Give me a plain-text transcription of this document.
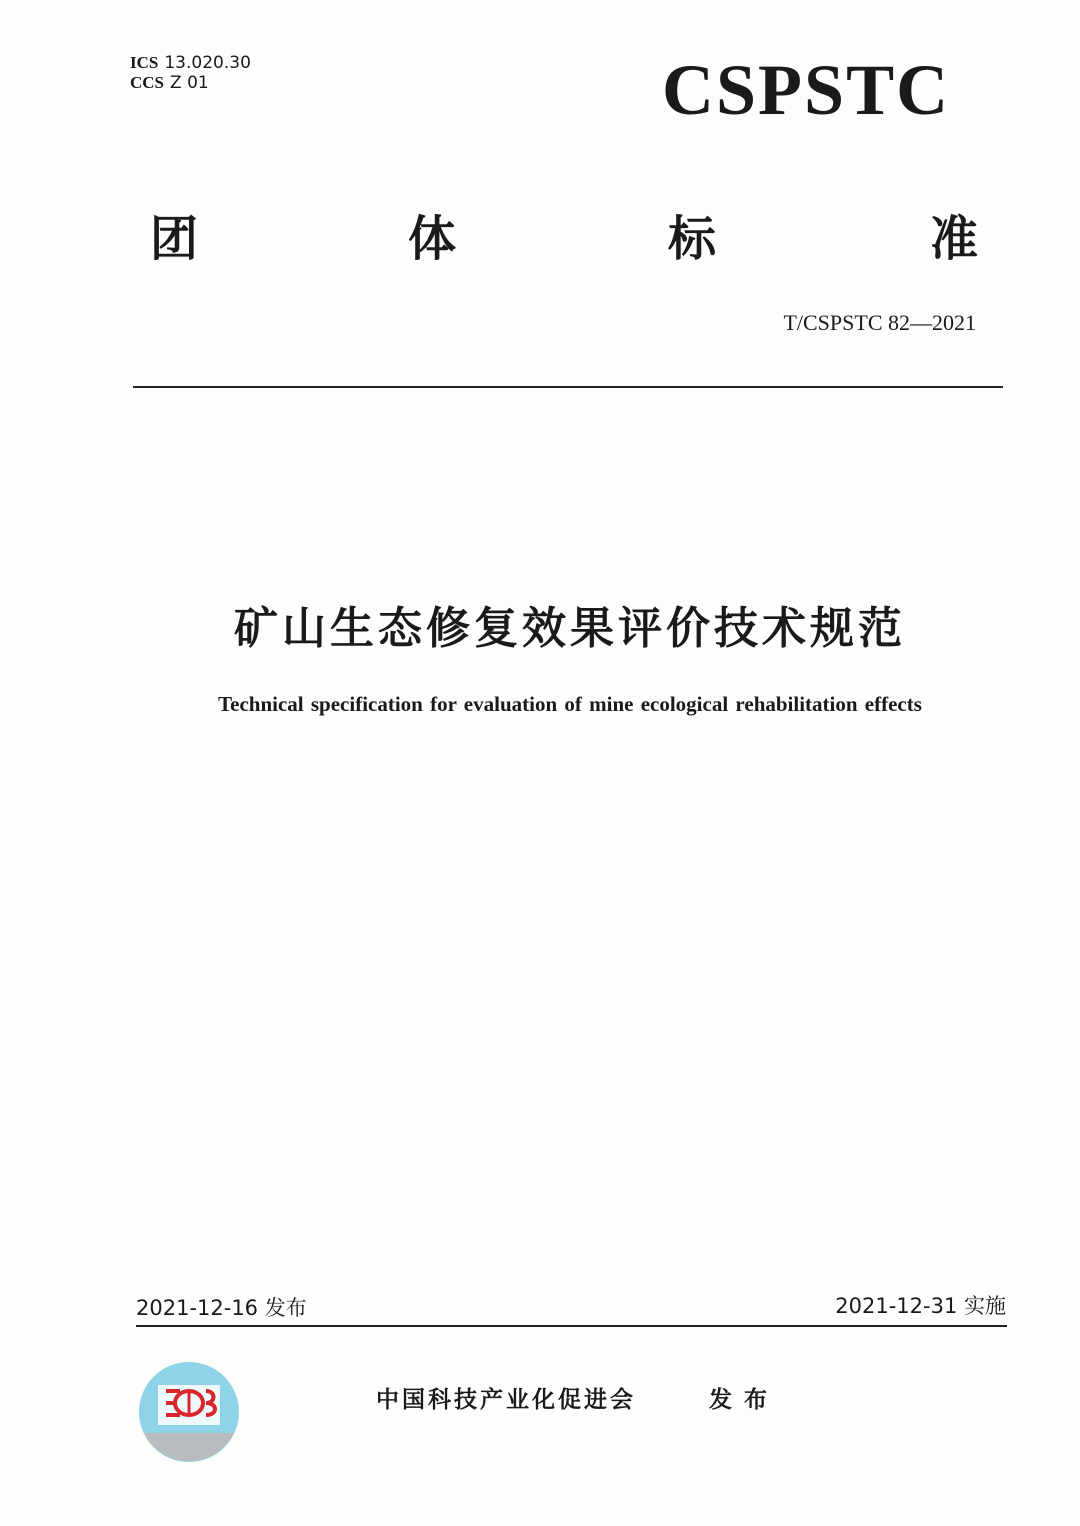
ICS 13.020.30
CCS Z 01	CSPSTC
团	体	标	准
T/CSPSTC 82—2021
矿山生态修复效果评价技术规范
Technical specification for evaluation of mine ecological rehabilitation effects
2021-12-16 发布	2021-12-31 实施
中国科技产业化促进会	发布
